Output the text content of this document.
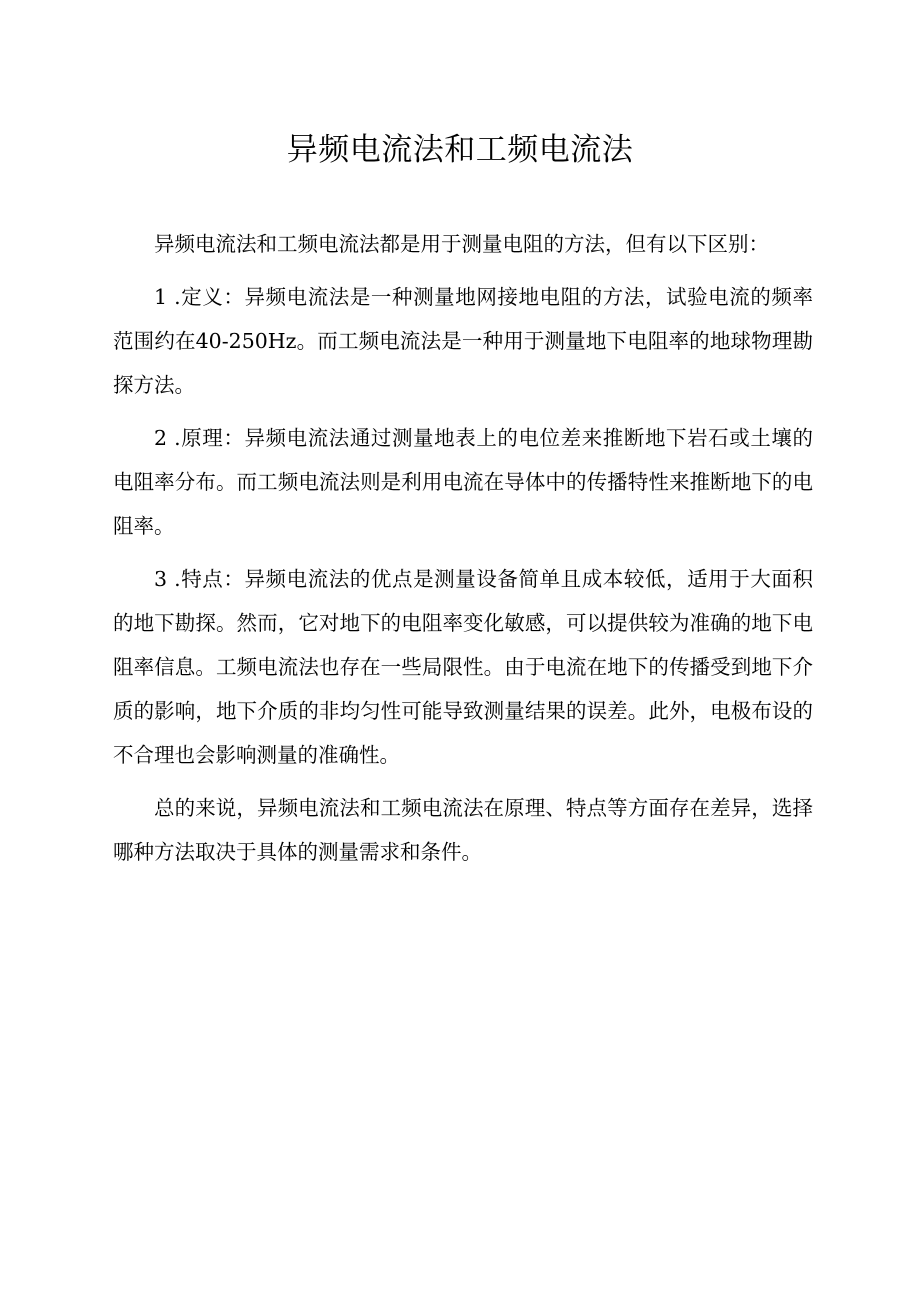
异频电流法和工频电流法

异频电流法和工频电流法都是用于测量电阻的方法，但有以下区别：

1 .定义：异频电流法是一种测量地网接地电阻的方法，试验电流的频率范围约在40-250Hz。而工频电流法是一种用于测量地下电阻率的地球物理勘探方法。

2 .原理：异频电流法通过测量地表上的电位差来推断地下岩石或土壤的电阻率分布。而工频电流法则是利用电流在导体中的传播特性来推断地下的电阻率。

3 .特点：异频电流法的优点是测量设备简单且成本较低，适用于大面积的地下勘探。然而，它对地下的电阻率变化敏感，可以提供较为准确的地下电阻率信息。工频电流法也存在一些局限性。由于电流在地下的传播受到地下介质的影响，地下介质的非均匀性可能导致测量结果的误差。此外，电极布设的不合理也会影响测量的准确性。

总的来说，异频电流法和工频电流法在原理、特点等方面存在差异，选择哪种方法取决于具体的测量需求和条件。
